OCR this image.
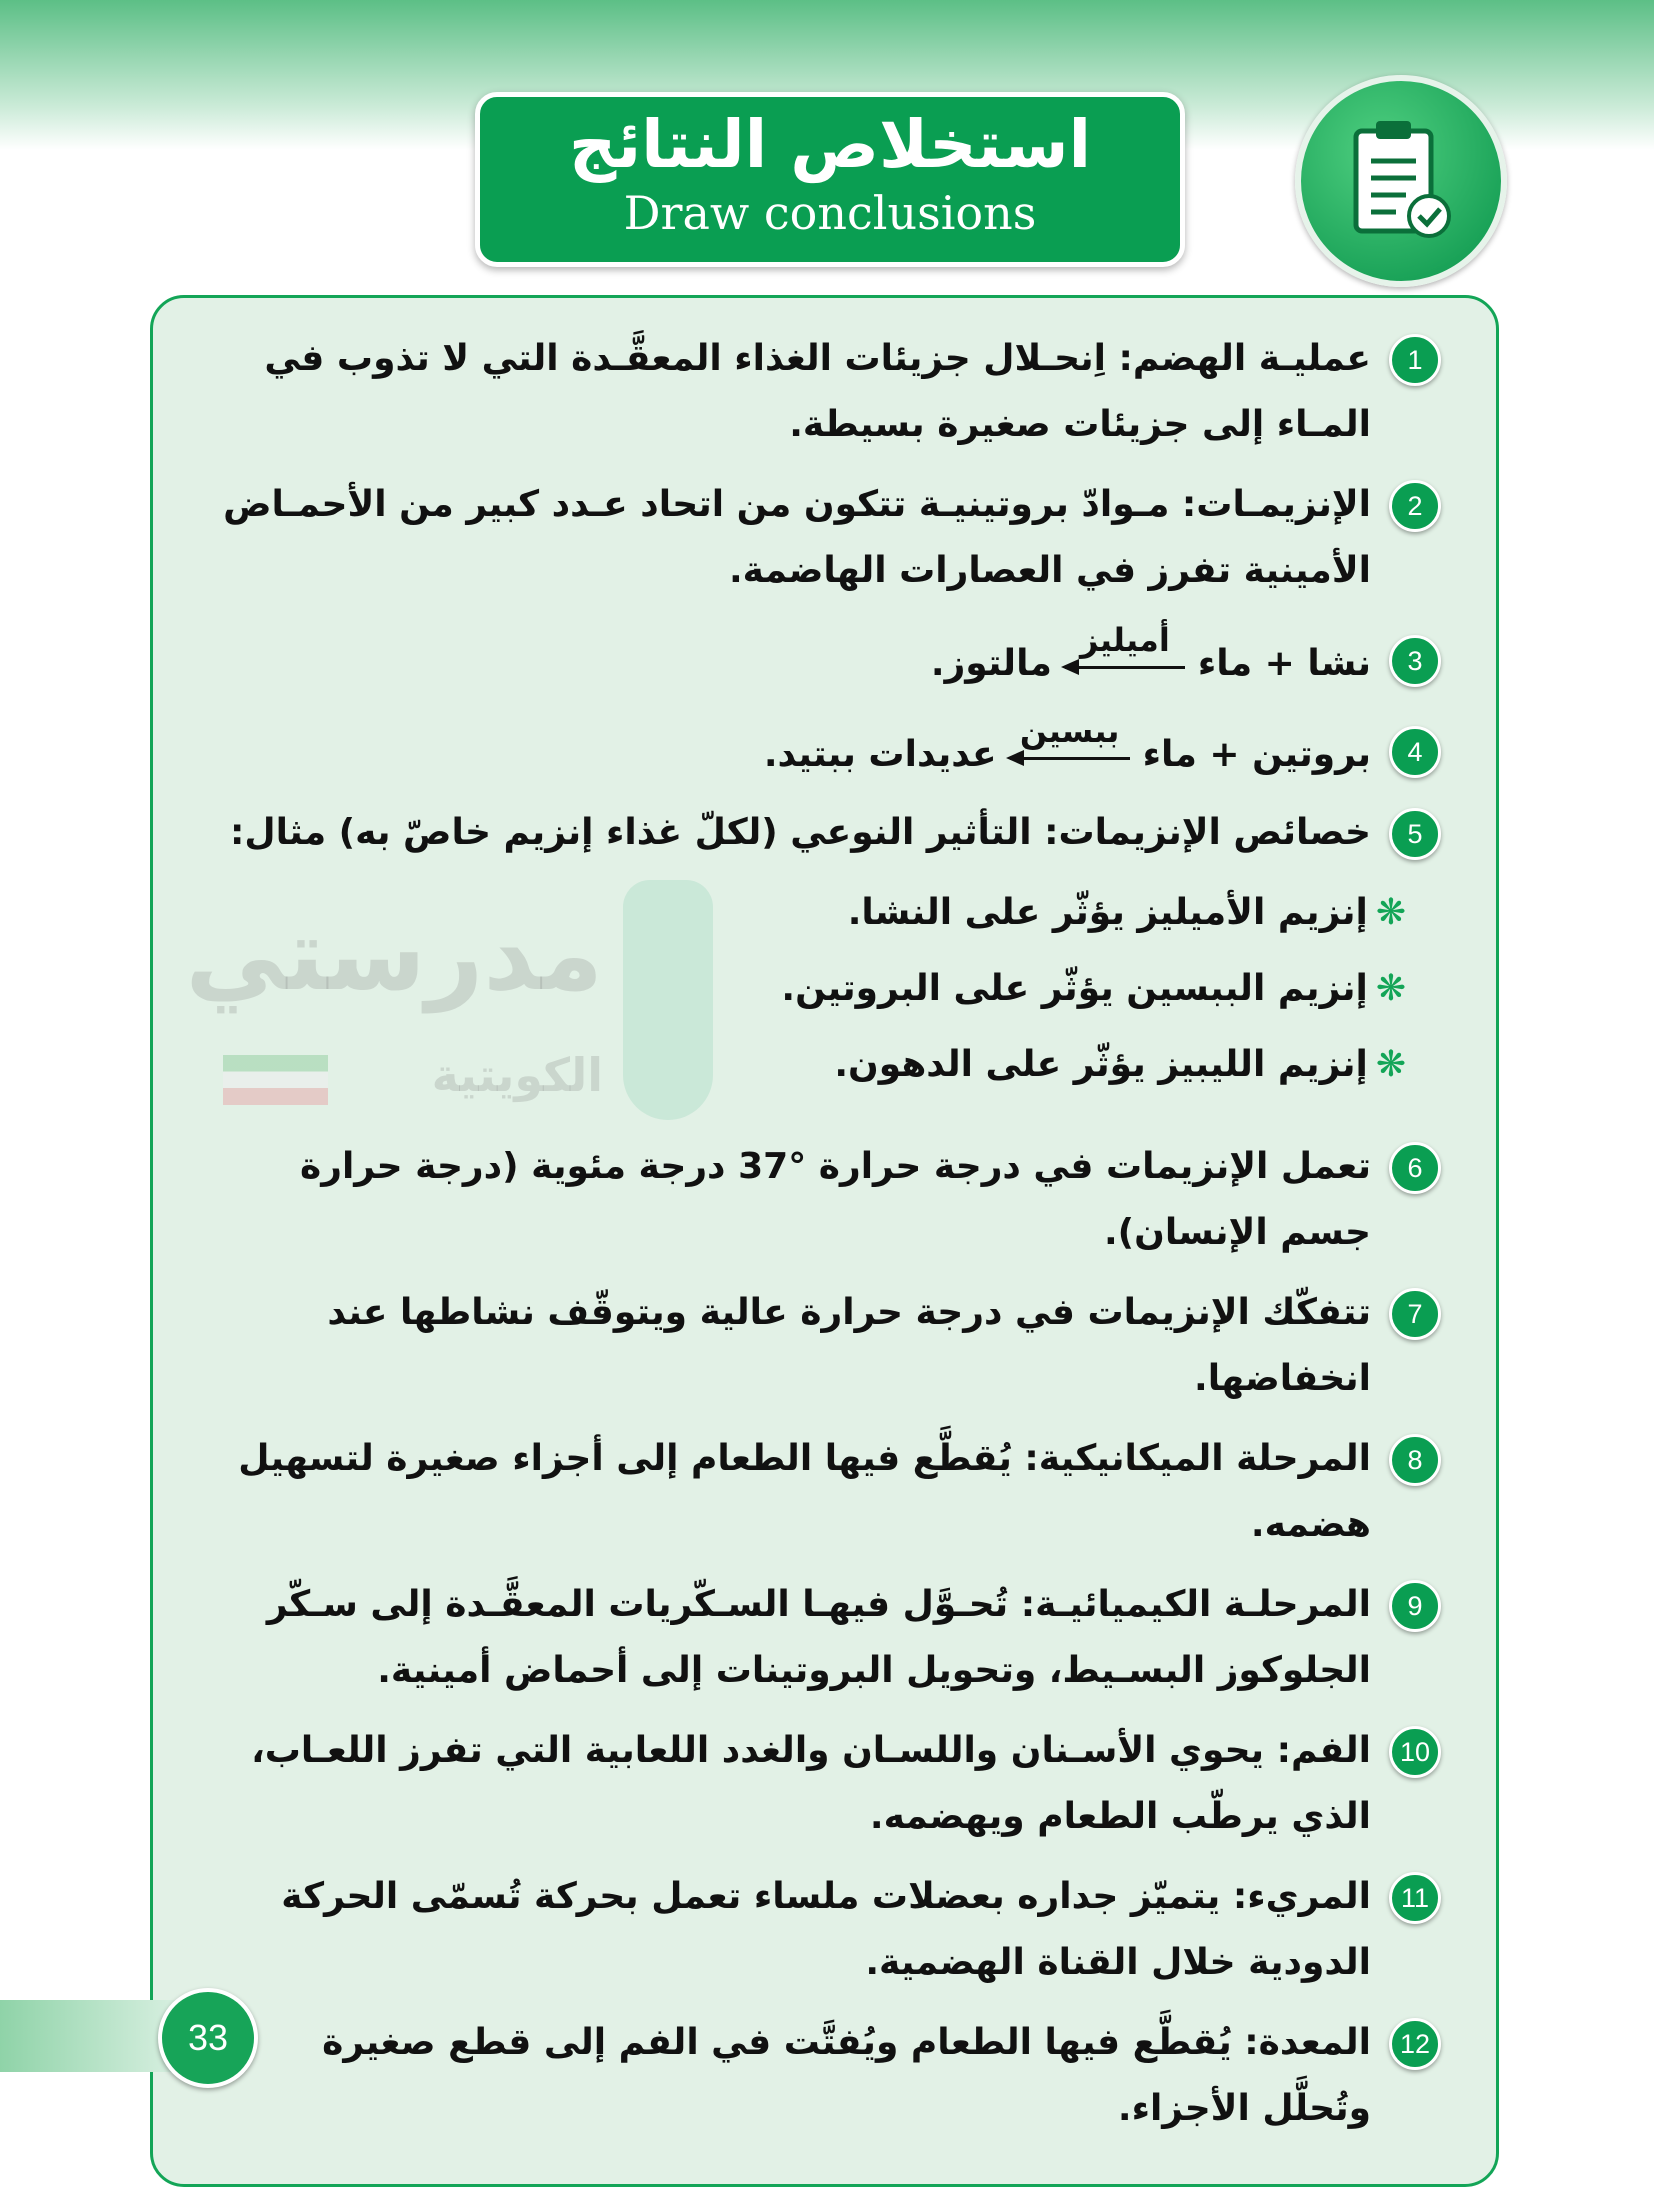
استخلاص النتائج
Draw conclusions
1
عمليـة الهضم: اِنحـلال جزيئات الغذاء المعقَّـدة التي لا تذوب في المـاء إلى جزيئات صغيرة بسيطة.
2
الإنزيمـات: مـوادّ بروتينيـة تتكون من اتحاد عـدد كبير من الأحمـاض الأمينية تفرز في العصارات الهاضمة.
3
نشا + ماء
أميليز
مالتوز.
4
بروتين + ماء
ببسين
عديدات ببتيد.
5
خصائص الإنزيمات: التأثير النوعي (لكلّ غذاء إنزيم خاصّ به) مثال:
مدرستي
الكويتية
❋إنزيم الأميليز يؤثّر على النشا.
❋إنزيم الببسين يؤثّر على البروتين.
❋إنزيم الليبيز يؤثّر على الدهون.
6
تعمل الإنزيمات في درجة حرارة °37 درجة مئوية (درجة حرارة جسم الإنسان).
7
تتفكّك الإنزيمات في درجة حرارة عالية ويتوقّف نشاطها عند انخفاضها.
8
المرحلة الميكانيكية: يُقطَّع فيها الطعام إلى أجزاء صغيرة لتسهيل هضمه.
9
المرحلـة الكيميائيـة: تُحـوَّل فيهـا السـكّريات المعقَّـدة إلى سـكّر الجلوكوز البسـيط، وتحويل البروتينات إلى أحماض أمينية.
10
الفم: يحوي الأسـنان واللسـان والغدد اللعابية التي تفرز اللعـاب، الذي يرطّب الطعام ويهضمه.
11
المريء: يتميّز جداره بعضلات ملساء تعمل بحركة تُسمّى الحركة الدودية خلال القناة الهضمية.
12
المعدة: يُقطَّع فيها الطعام ويُفتَّت في الفم إلى قطع صغيرة وتُحلَّل الأجزاء.
33
